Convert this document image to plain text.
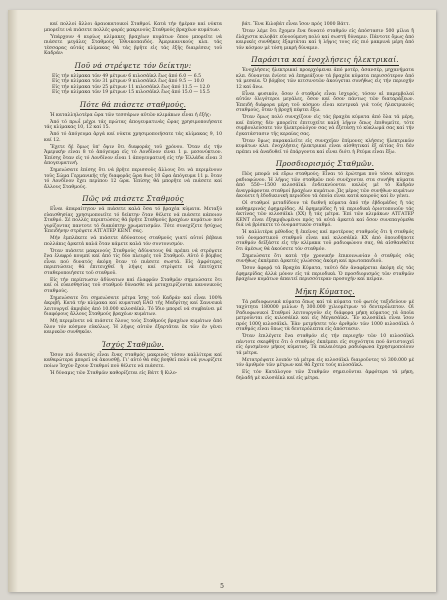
καί πολλοί ἄλλοι ἀραιοκατοικοί Σταθμοί. Κατά τήν ἡμέραν καί νύκτα μπορεῖτε νά πιάσετε πολλές φορές μακρινούς Σταθμούς βραχέων κυμάτων.

Ὑπάρχουν 4 κυρίως κλίμακες βραχέων κυμάτων ὅπου μπορεῖτε νά πιάσετε μεγάλες Σταθμούς Ἐθνικοπαιδός. Ἀμερικανικούς κλπ. τάς τέσσαρας αὐτάς κλίμακας θά τάς βρῆτε εἰς τάς ἑξῆς διαιρέσεις τοῦ Καδράν:

Ποῦ νά στρέψετε τόν δείκτην:
Εἰς τήν κλίμακα τῶν 49 μέτρων 6 κιλοσάϊκλ ἕως ἀπό 6.0 — 6.5
Εἰς τήν κλίμακα τῶν 31 μέτρων 9 κιλοσάϊκλ ἕως ἀπό 9.5 — 10.0
Εἰς τήν κλίμακα τῶν 25 μέτρων 11 κιλοσάϊκλ ἕως ἀπό 11.5 — 12.0
Εἰς τήν κλίμακα τῶν 19 μέτρων 15 κιλοσάϊκλ ἕως ἀπό 15.0 — 15.5
Πότε θά πιάσετε σταθμούς.

Ἡ καταλληλοτέρα ὥρα τῶν τεσσάρων αὐτῶν κλιμάκων εἶναι ἡ ἑξῆς:

Ἀπό τό πρωΐ μέχρι τάς πρώτας ἀπογευματινάς ὥρας χρησιμοποιήσατε τάς κλίμακας 10, 12 καί 15.

Ἀπό τό ἀπόγευμα ἀργά καί νύκτα χρησιμοποιήσατε τάς κλίμακας 9, 10 καί 12.

Ἔχετε δέ ὅμως ὑπ' ὄψιν ὅτι διαφοράς τοῦ χρόνου. Ὅταν εἰς τήν Ἀμερικήν εἶναι 8 τό ἀπόγευμα εἰς τό Λονδῖνον εἶναι 1 μ. μεσονύκτιον. Ἐπίσης ὅταν εἰς τό Λονδῖνον εἶναι 1 ἀπογευματινή εἰς τήν Ἑλλάδα εἶναι 3 ἀπογευματινή.

Σημειώσατε ἐπίσης ὅτι νά βρῆτε περισσοῦς ἄλλους ὅτι νά περιμένουν τοῦς Σώμα Γερμανικῆς τῆς διαφορᾶς ὥρα 8ως 10 ὥρα ἀπόγευμα 11 μ. ὅταν τό Λονδῖνον ἔχει περίπου 12 ὥρα. Ἐπίσης θά μπορῆτε νά πιάσετε καί ἄλλους Σταθμούς.

Πῶς νά πιάσετε Σταθμούς

Εἶναι ἀπαραίτητον νά πιάσετε καλά ὅσα τό βραχέα κύματα. Μεταξύ εὐαισθησίας χρησιμοποιεῖτε τό δείκτην ὅταν θέλετε νά πιάσετε κάποιον Σταθμό. Σέ πολλές περιπτώσεις θά βρῆτε Σταθμούς βραχέων κυμάτων πού γυρίζοντας παντοτε τό διακόπτην χρωματισμῶν. Τότε συνεχίζετε ἡσύχως Ἐπειδήνην στρέψετε ΑΤΓΑΤΕΡ ΚΕΝΤ σας.

Μήν ἐμπλέκετε νά πιάσετε ἀδύνατους σταθμούς γιατί αὐτοί βέβαια πολλάκις ἀρκετά καλά ὅταν κάμετε καλά τόν συντονισμόν.

Ὅταν πιάσετε μακρινούς Σταθμούς ἀδύνατους θά πρέπει νά στρέψετε ἕνα ἐλαφρό κουμπί καί ἀπό τίς δύο πλευρές τοῦ Σταθμοῦ. Αὐτό ὁ βόμβος εἶναι πού δυνατός ἀκόμη ὅταν τό πιάσετε σωστά. Εἰς ἀμφότερες περιπτώσεις θά ἐπιτευχθεῖ ἡ λήψις καί στρίψετε νά ἐπιτύχετε σταθεροποιήσετε τοῦ σταθμοῦ.

Εἰς τήν περίπτωσιν ἀδύνατων καί ἐλαφρῶν Σταθμῶν σημειώσατε ὅτι καί οἱ εὐαισθησίας τοῦ σταθμοῦ δύνασθε νά μεταχειρίζονται κανονικούς σταθμούς.

Σημειώσατε ὅτι σημειώσατε μέτρα ἴσης τοῦ Καδράν καί εἶναι 100% ἀκριβῆ. Κατά τήν κλίμακα καί κυματική ΕΑΟ τῆς Μαδρίτης καί Σαννεικά λειτουργεῖ ἀκριβῶς ἀπό 10.000 κιλοσάϊκλ. Τό ἴδιο μπορεῖ νά συμβαίνει μέ διαφόρους ἄλλους Σταθμούς βραχέων κυμάτων.

Μή περιμένετε νά πιάσετε ὅλους τούς Σταθμούς βραχέων κυμάτων ἀπό ὅλον τόν κόσμον εὐκόλως. Ἡ λῆψις αὐτῶν ἐξαρτᾶται ἐκ τῶν ἐν γένει καιρικῶν συνθηκῶν.

Ἰσχύς Σταθμῶν.

Ὅσον πιό δυνατός εἶναι ἕνας σταθμός μακρινός τόσον καλλίτερα καί καθαρώτερα μπορεῖ νά ἀκουσθῇ. Γι' αὐτό θά σᾶς βοηθεῖ πολύ νά γνωρίζετε ποίων Ἰσχύν ἔχουν Σταθμοί πού θέλετε νά πιάσετε.

Ἡ δύναμις τῶν Σταθμῶν καθορίζεται εἰς Βάττ ἢ Κιλο-

βάτ. Ἕνα Κιλοβάτ εἶναι ἴσον πρός 1000 Βάττ.

Ὅταν λέμε ὅτι ἔχομεν ἕνα δυνατό σταθμόν εἰς ἀπόστασιν 500 μίλια ἢ ἐλάχιστα κιλοβάτ εὐνοούμενη πολύ καί σωστή δύναμιν. Πάντοτε ὅμως ἀπό καιρικές συνθήκες ἑξαρτᾶται καί ἡ λῆψις τους εἰς πιό μακρινά μέρη ἀπό τόν κόσμον μέ τόση μικρή δύναμιν.

Παράσιτα καί ἐνοχλήσεις ἠλεκτρικαί.

Ἐνοχλήσεις ἠλεκτρικαί προερχόμεναι ἀπό μοτέρ, ἀσανσέρ, μηχανήματα κλπ. δύνανται ἐνίοτε νά ἐπηρεάζουν τά βραχέα κύματα περισσότερον ἀπό τά μεσαία. Ὁ βόμβος τῶν κιτσινοτῶν ἀκούγεται συνήθως εἰς τήν περιοχήν 12 καί ἄνω.

Εἶναι φυσικόν, ὅσον ὁ σταθμός εἶναι ἰσχυρός, τόσον αἱ παρεμβολαί αὐτῶν ὀλιγότεροι μεγάλες, ὅσον καί ὅσον πάντως τῶν διαταράξεων. Ἐπειδή διάφορα μέρη τοῦ κόσμου εἶναι κεντρικά γιά τούς ἠλεκτρικούς σταθμούς, ὅταν ἡ βροχή πέφτει ἔξω.

Ὅταν ὅμως πολύ συνεχίζουν εἰς τάς βραχέα κύματα ἀπό ὅλα τά μέρη, καί ἐπίσης δέν μπορεῖτε ἐπιτυχεῖτε καλή λῆψιν ὅπως ἐπιθυμεῖτε, τότε συμβουλεύσατε τόν ἡλεκτρολόγον σας νά ἐξετάσῃ τό κύκλωμά σας καί τήν ἐγκατάστασιν τῆς κεραίας σας.

Ὅταν ὅμως παρακαλεῖτε εἰς συνεχεῖαν ἐπίμονες κλήσεις ἠλεκτρικῶν κυμάτων κλπ. ἐνοχλήσεις ἠλεκτρικαί εἶναι αἰσθητικαί ἐξ αἰτίας ὅτι δέν πρέπει νά ἀναδυθεῖ τό ἐπάργοντα καί εἶναι διότι ἡ Ρεύμα εἶναι ἔξω.

Προσδιορισμός Σταθμῶν.

Πῶς μπορῶ νά εὕρω σταθμούς; Εἶναι τό ἐρώτημα πού τόσοι κάτοχοι ραδιοφώνου. Ἡ λῆψις τῶν σταθμῶν πού συνέχονται στα συνήθη κύματα ἀπό 550—1500 κιλοσάϊκλ ἐνδεικνύονται καλῶς μέ τό Καδράν ἀναγράφονται σταθμοί βραχέων κυμάτων. Ὡς μέρος τῶν συνήθων κυμάτων ἀκούετε ἡ ἐδοδικινική περιόδου τά ὁποῖα εἶναι κατά καιρούς καί ἐν γένει.

Οἱ σταθμοί μεταδίδουν τά διεθνῆ κύματα ἀπό τήν ἐβδομάδος ἢ τάς καθημερινάς ἐφημερίδας. Αἱ ἐφημερίδες ἢ τά περιοδικά ὁριοτοποιοῦν τάς ἀκτίνας τῶν κιλοσάϊκλ (ΧΧ) ἢ τάς μέτρα. Ἐπί τῶν κλιμάκων ΑΤΓΑΤΕΡ ΚΕΝΤ εἶναι ἐξηκριβωμένοι πρός τά αὐτά ἀρκετά καί ὅσον συνεπαγόμεθα διά νά βρίσκετε τό ὀνομαστικόν σταθμό.

Ἡ καλλιτέρα μέθοδος ἢ ἐκεῖνος καί προτέρους σταθμοῦς ὅτι ἡ σταθμός τοῦ ὀνομαστικοῦ σταθμοῦ εἶναι καὶ κιλοσάϊκλ ΚΧ ἀπό ὁποιοδήποτε σταθμόν δεῖξάστε εἰς τήν κλίμακα τοῦ ραδιοφώνου σας, θά αἰσθανθεῖτε ὅτι ἀμέσως θά ἀκούσετε τόν σταθμόν.

Σημειώσατε ὅτι κατά τήν χρονικήν ἐπικοινωνίαν ὁ σταθμός σᾶς συνήθως ἐκπέμπει ἀρκετές γλώσσας ἀκόμη καί πρωτοπαιδιοῦ.

Ὅσον ἀφορᾷ τά Βραχέα Κύματα, ταὐτό δέν ἀναφέρεται ἀκόμη εἰς τάς ἐφημερίδας ἀλλά μόνον εἰς τά περιοδικά. Ὁ προσδιορισμός τῶν σταθμῶν βραχέων κυμάτων ἀπαιτεῖ περισσότεραν προσοχήν καί πείραν.

Μῆκη Κύματος.

Τά ραδιοφωνικά κύματα ὅπως καί τά κύματα τοῦ φωτός ταξιδεύουν μέ ταχύτητα 180000 μιλίων ἢ 300.000 χιλιομέτρων τό δευτερόλεπτον. Οἱ Ραδιοφωνικοί Σταθμοί λειτουργοῦν εἰς διάφορα μήκη κύματος τά ὁποῖα μετροῦνται εἰς κιλοσάϊκλ καί εἰς Μεγασάϊκλ. Ἕν κιλοσάϊκλ εἶναι ἴσον πρός 1000 κιλοσάϊκλ. Ἐὰν μετρήσετε τόν ἀριθμόν τῶν 1000 κιλοσάϊκλ ὁ σταθμός εἶναι ὅπως τὰ δευτερόλεπτα εἰς ἀπόστασιν.

Ὅταν ἐπιλέγετε ἕνα σταθμόν εἰς τήν περιοχήν τῶν 10 κιλοσάϊκλ πάντοτε σκεφθῆτε ὅτι ὁ σταθμός ἐκπέμπει εἰς συχνότητα πού ἀντιστοιχεῖ εἰς ὀρισμένον μήκος κύματος. Τά παλαιότερα ραδιόφωνα ἐχρησιμοποίουν τά μέτρα.

Μετατρέψατε λοιπόν τά μέτρα εἰς κιλοσάϊκλ διαιροῦντες τό 300.000 μέ τόν ἀριθμόν τῶν μέτρων καί θά ἔχετε τούς κιλοσάϊκλ.

Εἰς τόν Κατάλογον τῶν Σταθμῶν σημειοῦνται ἀμφότερα τά μήκη, δηλαδή μέ κιλοσάϊκλ καί εἰς μέτρα.

5
